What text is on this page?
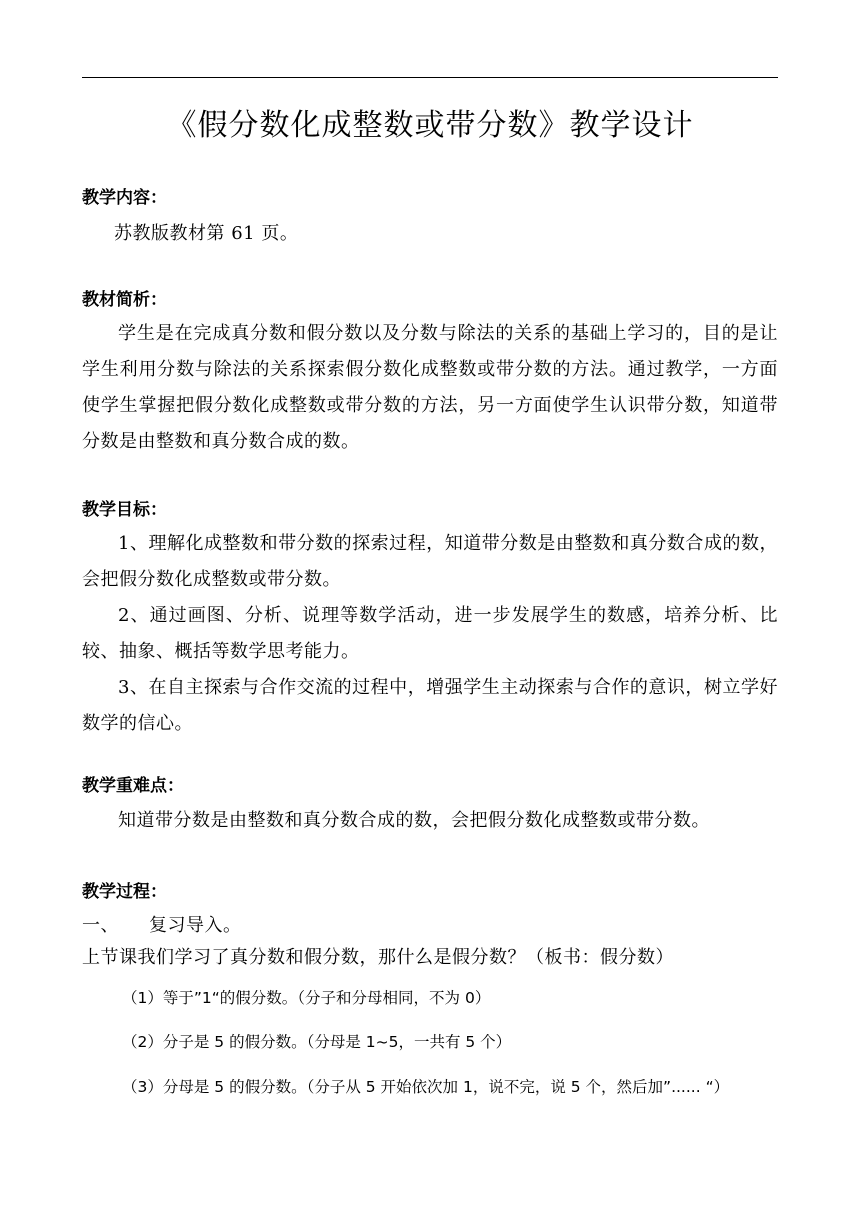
《假分数化成整数或带分数》教学设计

教学内容：

苏教版教材第 61 页。

教材简析：

学生是在完成真分数和假分数以及分数与除法的关系的基础上学习的，目的是让学生利用分数与除法的关系探索假分数化成整数或带分数的方法。通过教学，一方面使学生掌握把假分数化成整数或带分数的方法，另一方面使学生认识带分数，知道带分数是由整数和真分数合成的数。

教学目标：

1、理解化成整数和带分数的探索过程，知道带分数是由整数和真分数合成的数，会把假分数化成整数或带分数。

2、通过画图、分析、说理等数学活动，进一步发展学生的数感，培养分析、比较、抽象、概括等数学思考能力。

3、在自主探索与合作交流的过程中，增强学生主动探索与合作的意识，树立学好数学的信心。

教学重难点：

知道带分数是由整数和真分数合成的数，会把假分数化成整数或带分数。

教学过程：

一、 复习导入。

上节课我们学习了真分数和假分数，那什么是假分数？（板书：假分数）

（1）等于”1“的假分数。（分子和分母相同，不为 0）

（2）分子是 5 的假分数。（分母是 1~5，一共有 5 个）

（3）分母是 5 的假分数。（分子从 5 开始依次加 1，说不完，说 5 个，然后加”...... “）
